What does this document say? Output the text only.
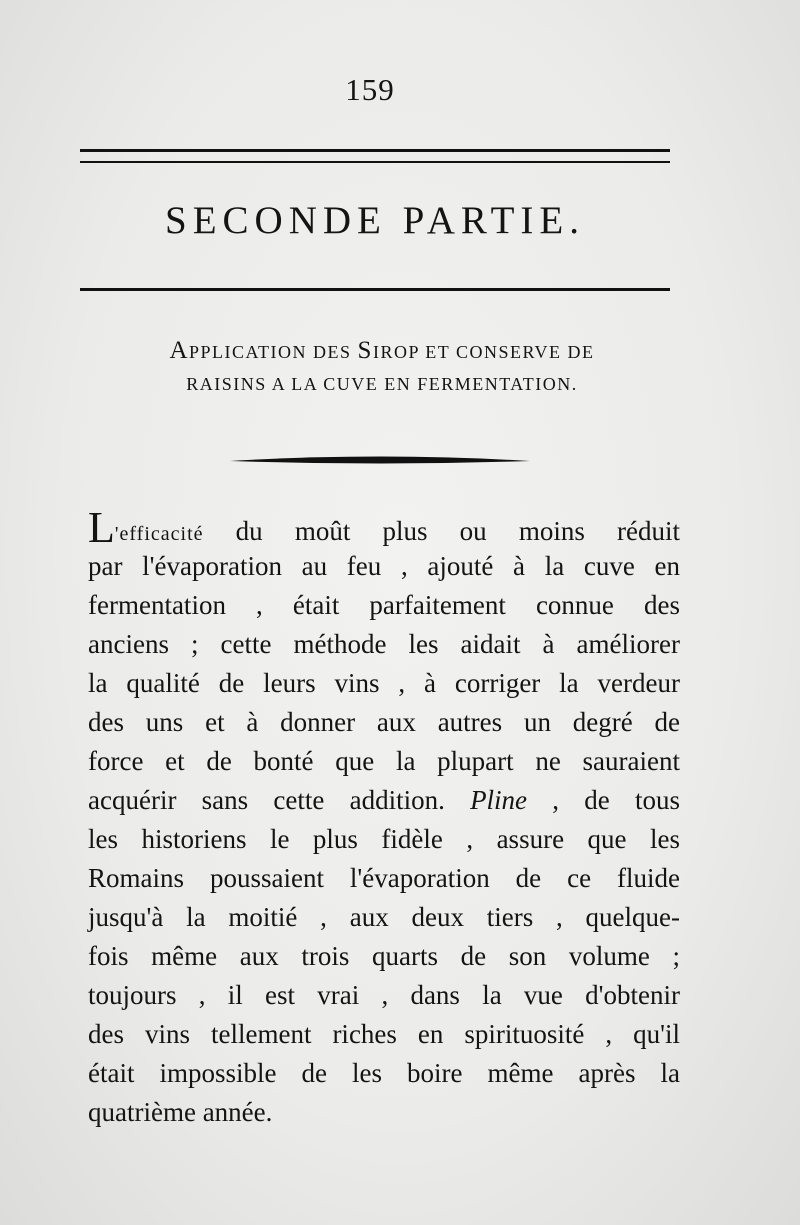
159
SECONDE PARTIE.
APPLICATION DES SIROP ET CONSERVE DE
RAISINS A LA CUVE EN FERMENTATION.
L'efficacité du moût plus ou moins réduit
par l'évaporation au feu , ajouté à la cuve en
fermentation , était parfaitement connue des
anciens ; cette méthode les aidait à améliorer
la qualité de leurs vins , à corriger la verdeur
des uns et à donner aux autres un degré de
force et de bonté que la plupart ne sauraient
acquérir sans cette addition. Pline , de tous
les historiens le plus fidèle , assure que les
Romains poussaient l'évaporation de ce fluide
jusqu'à la moitié , aux deux tiers , quelque-
fois même aux trois quarts de son volume ;
toujours , il est vrai , dans la vue d'obtenir
des vins tellement riches en spirituosité , qu'il
était impossible de les boire même après la
quatrième année.
